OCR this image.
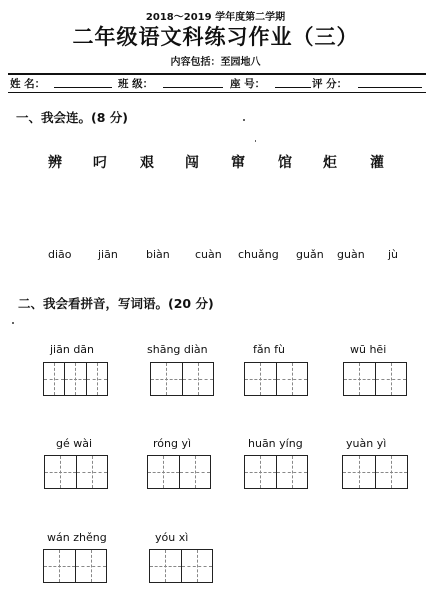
2018～2019 学年度第二学期
二年级语文科练习作业（三）
内容包括：至园地八
姓 名：	班 级：	座 号：	评 分：
一、我会连。(8 分)
辨 叼 艰 闯 窜 馆 炬 灌
diāo jiān	biàn cuàn chuǎng guǎn guàn jù
二、我会看拼音，写词语。(20 分)
jiān dān	shāng diàn	fǎn fù	wū hēi
gé wài	róng yì	huān yíng	yuàn yì
wán zhěng	yóu xì
